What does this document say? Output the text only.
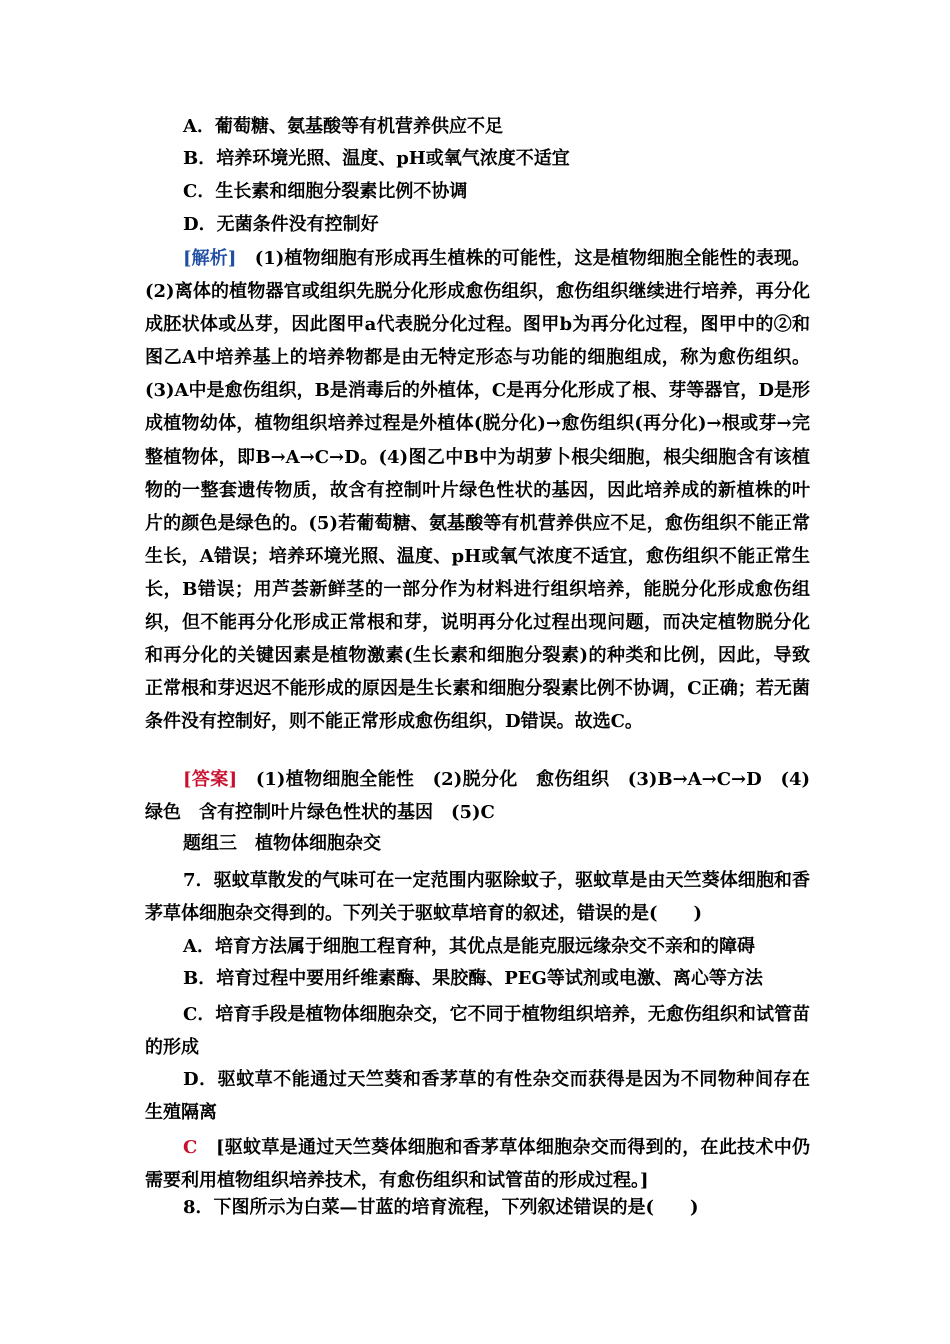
A．葡萄糖、氨基酸等有机营养供应不足
B．培养环境光照、温度、pH或氧气浓度不适宜
C．生长素和细胞分裂素比例不协调
D．无菌条件没有控制好
[解析]　 (1)植物细胞有形成再生植株的可能性，这是植物细胞全能性的表现。(2)离体的植物器官或组织先脱分化形成愈伤组织，愈伤组织继续进行培养，再分化成胚状体或丛芽，因此图甲a代表脱分化过程。图甲b为再分化过程，图甲中的②和图乙A中培养基上的培养物都是由无特定形态与功能的细胞组成，称为愈伤组织。(3)A中是愈伤组织，B是消毒后的外植体，C是再分化形成了根、芽等器官，D是形成植物幼体，植物组织培养过程是外植体(脱分化)→愈伤组织(再分化)→根或芽→完整植物体，即B→A→C→D。(4)图乙中B中为胡萝卜根尖细胞，根尖细胞含有该植物的一整套遗传物质，故含有控制叶片绿色性状的基因，因此培养成的新植株的叶片的颜色是绿色的。(5)若葡萄糖、氨基酸等有机营养供应不足，愈伤组织不能正常生长，A错误；培养环境光照、温度、pH或氧气浓度不适宜，愈伤组织不能正常生长，B错误；用芦荟新鲜茎的一部分作为材料进行组织培养，能脱分化形成愈伤组织，但不能再分化形成正常根和芽，说明再分化过程出现问题，而决定植物脱分化和再分化的关键因素是植物激素(生长素和细胞分裂素)的种类和比例，因此，导致正常根和芽迟迟不能形成的原因是生长素和细胞分裂素比例不协调，C正确；若无菌条件没有控制好，则不能正常形成愈伤组织，D错误。故选C。
[答案]　 (1)植物细胞全能性　(2)脱分化　愈伤组织　(3)B→A→C→D　(4)绿色　含有控制叶片绿色性状的基因　(5)C
题组三　植物体细胞杂交
7．驱蚊草散发的气味可在一定范围内驱除蚊子，驱蚊草是由天竺葵体细胞和香茅草体细胞杂交得到的。下列关于驱蚊草培育的叙述，错误的是(　　)
A．培育方法属于细胞工程育种，其优点是能克服远缘杂交不亲和的障碍
B．培育过程中要用纤维素酶、果胶酶、PEG等试剂或电激、离心等方法
C．培育手段是植物体细胞杂交，它不同于植物组织培养，无愈伤组织和试管苗的形成
D．驱蚊草不能通过天竺葵和香茅草的有性杂交而获得是因为不同物种间存在生殖隔离
C　 [驱蚊草是通过天竺葵体细胞和香茅草体细胞杂交而得到的，在此技术中仍需要利用植物组织培养技术，有愈伤组织和试管苗的形成过程。]
8．下图所示为白菜—甘蓝的培育流程，下列叙述错误的是(　　)
